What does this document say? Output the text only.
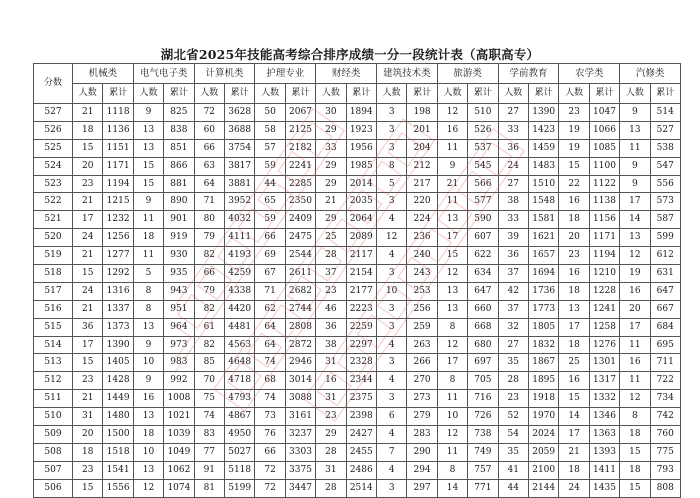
湖北省2025年技能高考综合排序成绩一分一段统计表（高职高专）
分数	机械类		电气电子类		计算机类		护理专业		财经类		建筑技术类		旅游类		学前教育		农学类		汽修类	
	人数	累计	人数	累计	人数	累计	人数	累计	人数	累计	人数	累计	人数	累计	人数	累计	人数	累计	人数	累计
527	21	1118	9	825	72	3628	50	2067	30	1894	3	198	12	510	27	1390	23	1047	9	514
526	18	1136	13	838	60	3688	58	2125	29	1923	3	201	16	526	33	1423	19	1066	13	527
525	15	1151	13	851	66	3754	57	2182	33	1956	3	204	11	537	36	1459	19	1085	11	538
524	20	1171	15	866	63	3817	59	2241	29	1985	8	212	9	545	24	1483	15	1100	9	547
523	23	1194	15	881	64	3881	44	2285	29	2014	5	217	21	566	27	1510	22	1122	9	556
522	21	1215	9	890	71	3952	65	2350	21	2035	3	220	11	577	38	1548	16	1138	17	573
521	17	1232	11	901	80	4032	59	2409	29	2064	4	224	13	590	33	1581	18	1156	14	587
520	24	1256	18	919	79	4111	66	2475	25	2089	12	236	17	607	39	1621	20	1171	13	599
519	21	1277	11	930	82	4193	69	2544	28	2117	4	240	15	622	36	1657	23	1194	12	612
518	15	1292	5	935	66	4259	67	2611	37	2154	3	243	12	634	37	1694	16	1210	19	631
517	24	1316	8	943	79	4338	71	2682	23	2177	10	253	13	647	42	1736	18	1228	16	647
516	21	1337	8	951	82	4420	62	2744	46	2223	3	256	13	660	37	1773	13	1241	20	667
515	36	1373	13	964	61	4481	64	2808	36	2259	3	259	8	668	32	1805	17	1258	17	684
514	17	1390	9	973	82	4563	64	2872	38	2297	4	263	12	680	27	1832	18	1276	11	695
513	15	1405	10	983	85	4648	74	2946	31	2328	3	266	17	697	35	1867	25	1301	16	711
512	23	1428	9	992	70	4718	68	3014	16	2344	4	270	8	705	28	1895	16	1317	11	722
511	21	1449	16	1008	75	4793	74	3088	31	2375	3	273	11	716	23	1918	15	1332	12	734
510	31	1480	13	1021	74	4867	73	3161	23	2398	6	279	10	726	52	1970	14	1346	8	742
509	20	1500	18	1039	83	4950	76	3237	29	2427	4	283	12	738	54	2024	17	1363	18	760
508	18	1518	10	1049	77	5027	66	3303	28	2455	7	290	11	749	35	2059	21	1393	15	775
507	23	1541	13	1062	91	5118	72	3375	31	2486	4	294	8	757	41	2100	18	1411	18	793
506	15	1556	12	1074	81	5199	72	3447	28	2514	3	297	14	771	44	2144	24	1435	15	808
